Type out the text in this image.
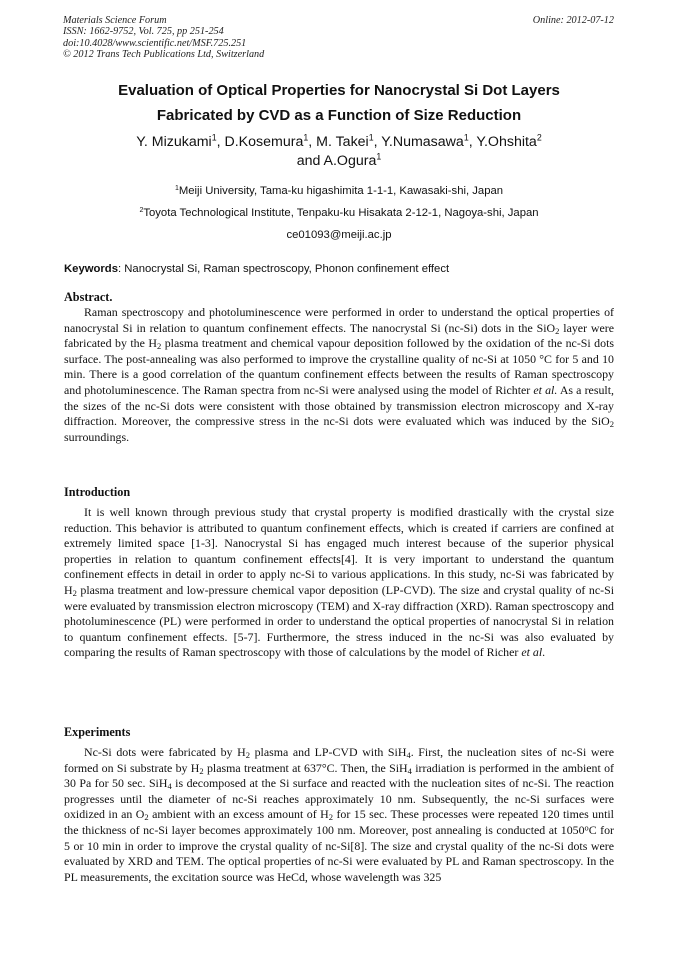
Materials Science Forum
ISSN: 1662-9752, Vol. 725, pp 251-254
doi:10.4028/www.scientific.net/MSF.725.251
© 2012 Trans Tech Publications Ltd, Switzerland
Online: 2012-07-12
Evaluation of Optical Properties for Nanocrystal Si Dot Layers
Fabricated by CVD as a Function of Size Reduction
Y. Mizukami$^1$, D.Kosemura$^1$, M. Takei$^1$, Y.Numasawa$^1$, Y.Ohshita$^2$
and A.Ogura$^1$
$^1$Meiji University, Tama-ku higashimita 1-1-1, Kawasaki-shi, Japan
$^2$Toyota Technological Institute, Tenpaku-ku Hisakata 2-12-1, Nagoya-shi, Japan
ce01093@meiji.ac.jp
Keywords: Nanocrystal Si, Raman spectroscopy, Phonon confinement effect
Abstract.

Raman spectroscopy and photoluminescence were performed in order to understand the optical properties of nanocrystal Si in relation to quantum confinement effects. The nanocrystal Si (nc-Si) dots in the SiO$_2$ layer were fabricated by the $H_2$ plasma treatment and chemical vapour deposition followed by the oxidation of the nc-Si dots surface. The post-annealing was also performed to improve the crystalline quality of nc-Si at 1050 °C for 5 and 10 min. There is a good correlation of the quantum confinement effects between the results of Raman spectroscopy and photoluminescence. The Raman spectra from nc-Si were analysed using the model of Richter et al. As a result, the sizes of the nc-Si dots were consistent with those obtained by transmission electron microscopy and X-ray diffraction. Moreover, the compressive stress in the nc-Si dots were evaluated which was induced by the SiO$_2$ surroundings.

Introduction

It is well known through previous study that crystal property is modified drastically with the crystal size reduction. This behavior is attributed to quantum confinement effects, which is created if carriers are confined at extremely limited space [1-3]. Nanocrystal Si has engaged much interest because of the superior physical properties in relation to quantum confinement effects[4]. It is very important to understand the quantum confinement effects in detail in order to apply nc-Si to various applications. In this study, nc-Si was fabricated by $H_2$ plasma treatment and low-pressure chemical vapor deposition (LP-CVD). The size and crystal quality of nc-Si were evaluated by transmission electron microscopy (TEM) and X-ray diffraction (XRD). Raman spectroscopy and photoluminescence (PL) were performed in order to understand the optical properties of nanocrystal Si in relation to quantum confinement effects. [5-7]. Furthermore, the stress induced in the nc-Si was also evaluated by comparing the results of Raman spectroscopy with those of calculations by the model of Richer et al.

Experiments

Nc-Si dots were fabricated by $H_2$ plasma and LP-CVD with SiH$_4$. First, the nucleation sites of nc-Si were formed on Si substrate by $H_2$ plasma treatment at 637°C. Then, the SiH$_4$ irradiation is performed in the ambient of 30 Pa for 50 sec. SiH$_4$ is decomposed at the Si surface and reacted with the nucleation sites of nc-Si. The reaction progresses until the diameter of nc-Si reaches approximately 10 nm. Subsequently, the nc-Si surfaces were oxidized in an $O_2$ ambient with an excess amount of $H_2$ for 15 sec. These processes were repeated 120 times until the thickness of nc-Si layer becomes approximately 100 nm. Moreover, post annealing is conducted at 1050$^o$C for 5 or 10 min in order to improve the crystal quality of nc-Si[8]. The size and crystal quality of the nc-Si dots were evaluated by XRD and TEM. The optical properties of nc-Si were evaluated by PL and Raman spectroscopy. In the PL measurements, the excitation source was HeCd, whose wavelength was 325
